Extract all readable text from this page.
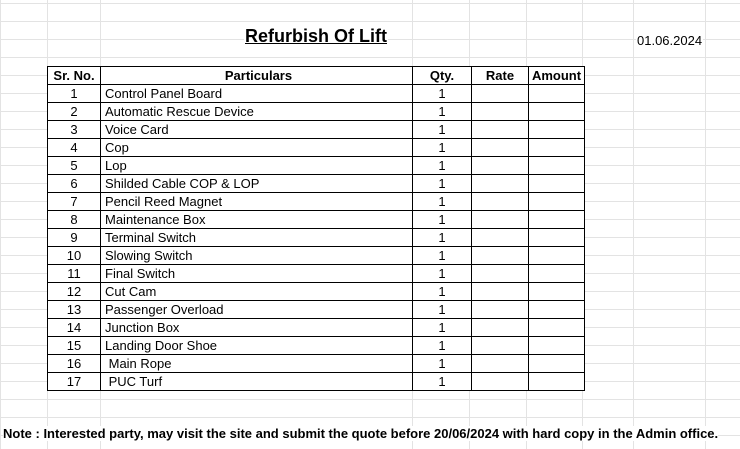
Refurbish Of Lift	01.06.2024
Sr. No.	Particulars	Qty.	Rate	Amount
1	Control Panel Board	1		
2	Automatic Rescue Device	1		
3	Voice Card	1		
4	Cop	1		
5	Lop	1		
6	Shilded Cable COP & LOP	1		
7	Pencil Reed Magnet	1		
8	Maintenance Box	1		
9	Terminal Switch	1		
10	Slowing Switch	1		
11	Final Switch	1		
12	Cut Cam	1		
13	Passenger Overload	1		
14	Junction Box	1		
15	Landing Door Shoe	1		
16	Main Rope	1		
17	PUC Turf	1		
Note : Interested party, may visit the site and submit the quote before 20/06/2024 with hard copy in the Admin office.
